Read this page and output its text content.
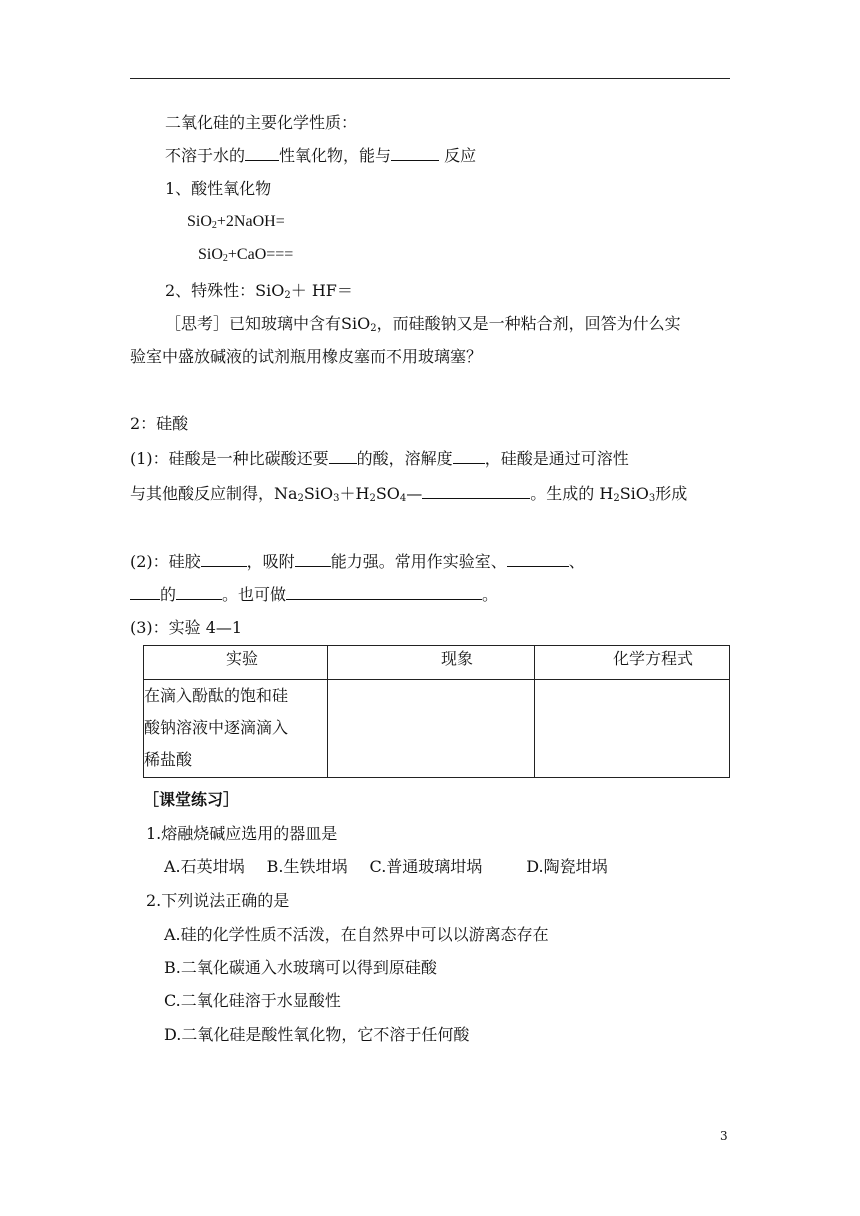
二氧化硅的主要化学性质：
不溶于水的 性氧化物，能与	反应
1、酸性氧化物
SiO$_2$+2NaOH=
SiO$_2$+CaO===
2、特殊性：SiO$_2$＋ HF＝
［思考］已知玻璃中含有SiO$_2$，而硅酸钠又是一种粘合剂，回答为什么实
验室中盛放碱液的试剂瓶用橡皮塞而不用玻璃塞？
2：硅酸
(1)：硅酸是一种比碳酸还要 的酸，溶解度 ，硅酸是通过可溶性
与其他酸反应制得，$Na_2SiO_3+H_2SO_4—$	。生成的 $H_2SiO_3$形成
(2)：硅胶	，吸附 能力强。常用作实验室、	、
的	。也可做	。
(3)：实验 4—1
实验	现象	化学方程式

在滴入酚酞的饱和硅
酸钠溶液中逐滴滴入
稀盐酸		

［课堂练习］
1.熔融烧碱应选用的器皿是
A.石英坩埚 B.生铁坩埚 C.普通玻璃坩埚	D.陶瓷坩埚
2.下列说法正确的是
A.硅的化学性质不活泼，在自然界中可以以游离态存在
B.二氧化碳通入水玻璃可以得到原硅酸
C.二氧化硅溶于水显酸性
D.二氧化硅是酸性氧化物，它不溶于任何酸
3
